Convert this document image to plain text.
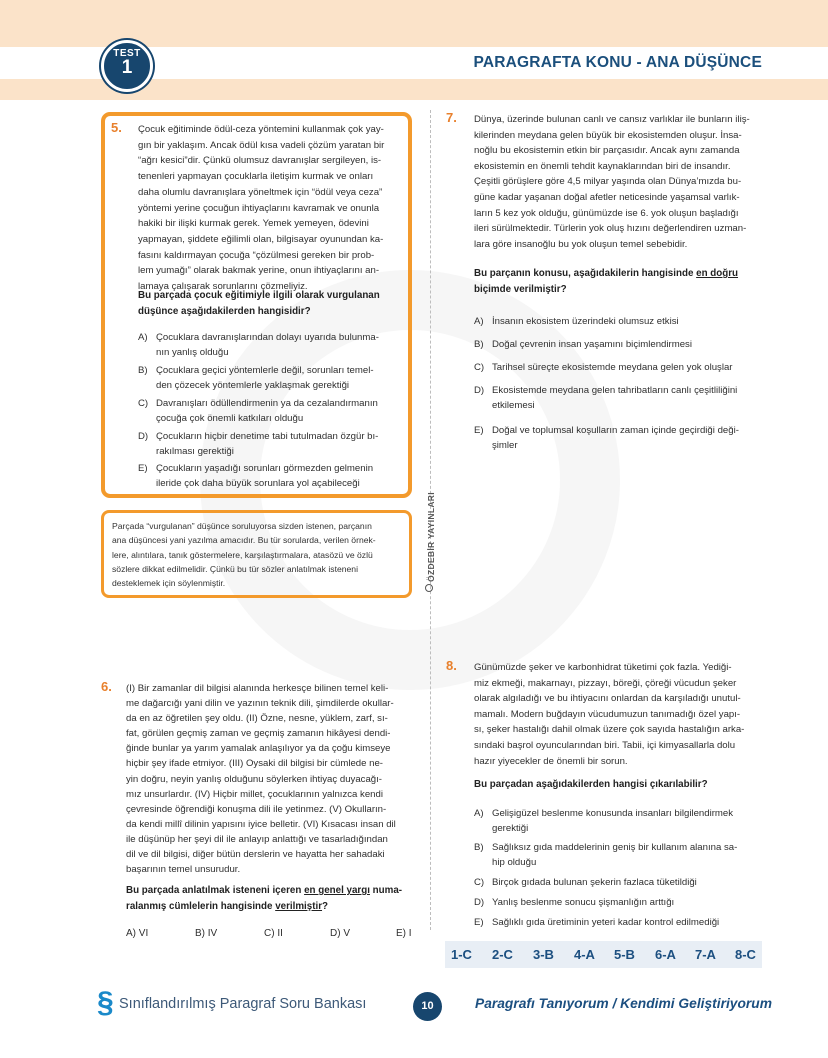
TEST
1	PARAGRAFTA KONU - ANA DÜŞÜNCE
ÖZDEBİR YAYINLARI
5. Çocuk eğitiminde ödül-ceza yöntemini kullanmak çok yay-
gın bir yaklaşım. Ancak ödül kısa vadeli çözüm yaratan bir
“ağrı kesici”dir. Çünkü olumsuz davranışlar sergileyen, is-
tenenleri yapmayan çocuklarla iletişim kurmak ve onları
daha olumlu davranışlara yöneltmek için “ödül veya ceza”
yöntemi yerine çocuğun ihtiyaçlarını kavramak ve onunla
hakiki bir ilişki kurmak gerek. Yemek yemeyen, ödevini
yapmayan, şiddete eğilimli olan, bilgisayar oyunundan ka-
fasını kaldırmayan çocuğa “çözülmesi gereken bir prob-
lem yumağı” olarak bakmak yerine, onun ihtiyaçlarını an-
lamaya çalışarak sorunlarını çözmeliyiz.
Bu parçada çocuk eğitimiyle ilgili olarak vurgulanan
düşünce aşağıdakilerden hangisidir?
A) Çocuklara davranışlarından dolayı uyarıda bulunma-
nın yanlış olduğu
B) Çocuklara geçici yöntemlerle değil, sorunları temel-
den çözecek yöntemlerle yaklaşmak gerektiği
C) Davranışları ödüllendirmenin ya da cezalandırmanın
çocuğa çok önemli katkıları olduğu
D) Çocukların hiçbir denetime tabi tutulmadan özgür bı-
rakılması gerektiği
E) Çocukların yaşadığı sorunları görmezden gelmenin
ileride çok daha büyük sorunlara yol açabileceği
Parçada “vurgulanan” düşünce soruluyorsa sizden istenen, parçanın
ana düşüncesi yani yazılma amacıdır. Bu tür sorularda, verilen örnek-
lere, alıntılara, tanık göstermelere, karşılaştırmalara, atasözü ve özlü
sözlere dikkat edilmelidir. Çünkü bu tür sözler anlatılmak isteneni
desteklemek için söylenmiştir.
6. (I) Bir zamanlar dil bilgisi alanında herkesçe bilinen temel keli-
me dağarcığı yani dilin ve yazının teknik dili, şimdilerde okullar-
da en az öğretilen şey oldu. (II) Özne, nesne, yüklem, zarf, sı-
fat, görülen geçmiş zaman ve geçmiş zamanın hikâyesi dendi-
ğinde bunlar ya yarım yamalak anlaşılıyor ya da çoğu kimseye
hiçbir şey ifade etmiyor. (III) Oysaki dil bilgisi bir cümlede ne-
yin doğru, neyin yanlış olduğunu söylerken ihtiyaç duyacağı-
mız unsurlardır. (IV) Hiçbir millet, çocuklarının yalnızca kendi
çevresinde öğrendiği konuşma dili ile yetinmez. (V) Okulların-
da kendi millî dilinin yapısını iyice belletir. (VI) Kısacası insan dil
ile düşünüp her şeyi dil ile anlayıp anlattığı ve tasarladığından
dil ve dil bilgisi, diğer bütün derslerin ve hayatta her sahadaki
başarının temel unsurudur.
Bu parçada anlatılmak isteneni içeren en genel yargı numa-
ralanmış cümlelerin hangisinde verilmiştir?
A) VI	B) IV	C) II	D) V	E) I
7. Dünya, üzerinde bulunan canlı ve cansız varlıklar ile bunların iliş-
kilerinden meydana gelen büyük bir ekosistemden oluşur. İnsa-
noğlu bu ekosistemin etkin bir parçasıdır. Ancak aynı zamanda
ekosistemin en önemli tehdit kaynaklarından biri de insandır.
Çeşitli görüşlere göre 4,5 milyar yaşında olan Dünya’mızda bu-
güne kadar yaşanan doğal afetler neticesinde yaşamsal varlık-
ların 5 kez yok olduğu, günümüzde ise 6. yok oluşun başladığı
ileri sürülmektedir. Türlerin yok oluş hızını değerlendiren uzman-
lara göre insanoğlu bu yok oluşun temel sebebidir.
Bu parçanın konusu, aşağıdakilerin hangisinde en doğru
biçimde verilmiştir?
A) İnsanın ekosistem üzerindeki olumsuz etkisi
B) Doğal çevrenin insan yaşamını biçimlendirmesi
C) Tarihsel süreçte ekosistemde meydana gelen yok oluşlar
D) Ekosistemde meydana gelen tahribatların canlı çeşitliliğini
etkilemesi
E) Doğal ve toplumsal koşulların zaman içinde geçirdiği deği-
şimler
8. Günümüzde şeker ve karbonhidrat tüketimi çok fazla. Yediği-
miz ekmeği, makarnayı, pizzayı, böreği, çöreği vücudun şeker
olarak algıladığı ve bu ihtiyacını onlardan da karşıladığı unutul-
mamalı. Modern buğdayın vücudumuzun tanımadığı özel yapı-
sı, şeker hastalığı dahil olmak üzere çok sayıda hastalığın arka-
sındaki başrol oyuncularından biri. Tabii, içi kimyasallarla dolu
hazır yiyecekler de önemli bir sorun.
Bu parçadan aşağıdakilerden hangisi çıkarılabilir?
A) Gelişigüzel beslenme konusunda insanları bilgilendirmek
gerektiği
B) Sağlıksız gıda maddelerinin geniş bir kullanım alanına sa-
hip olduğu
C) Birçok gıdada bulunan şekerin fazlaca tüketildiği
D) Yanlış beslenme sonucu şişmanlığın arttığı
E) Sağlıklı gıda üretiminin yeteri kadar kontrol edilmediği
1-C 2-C 3-B 4-A 5-B 6-A 7-A 8-C
§ Sınıflandırılmış Paragraf Soru Bankası	10	Paragrafı Tanıyorum / Kendimi Geliştiriyorum
